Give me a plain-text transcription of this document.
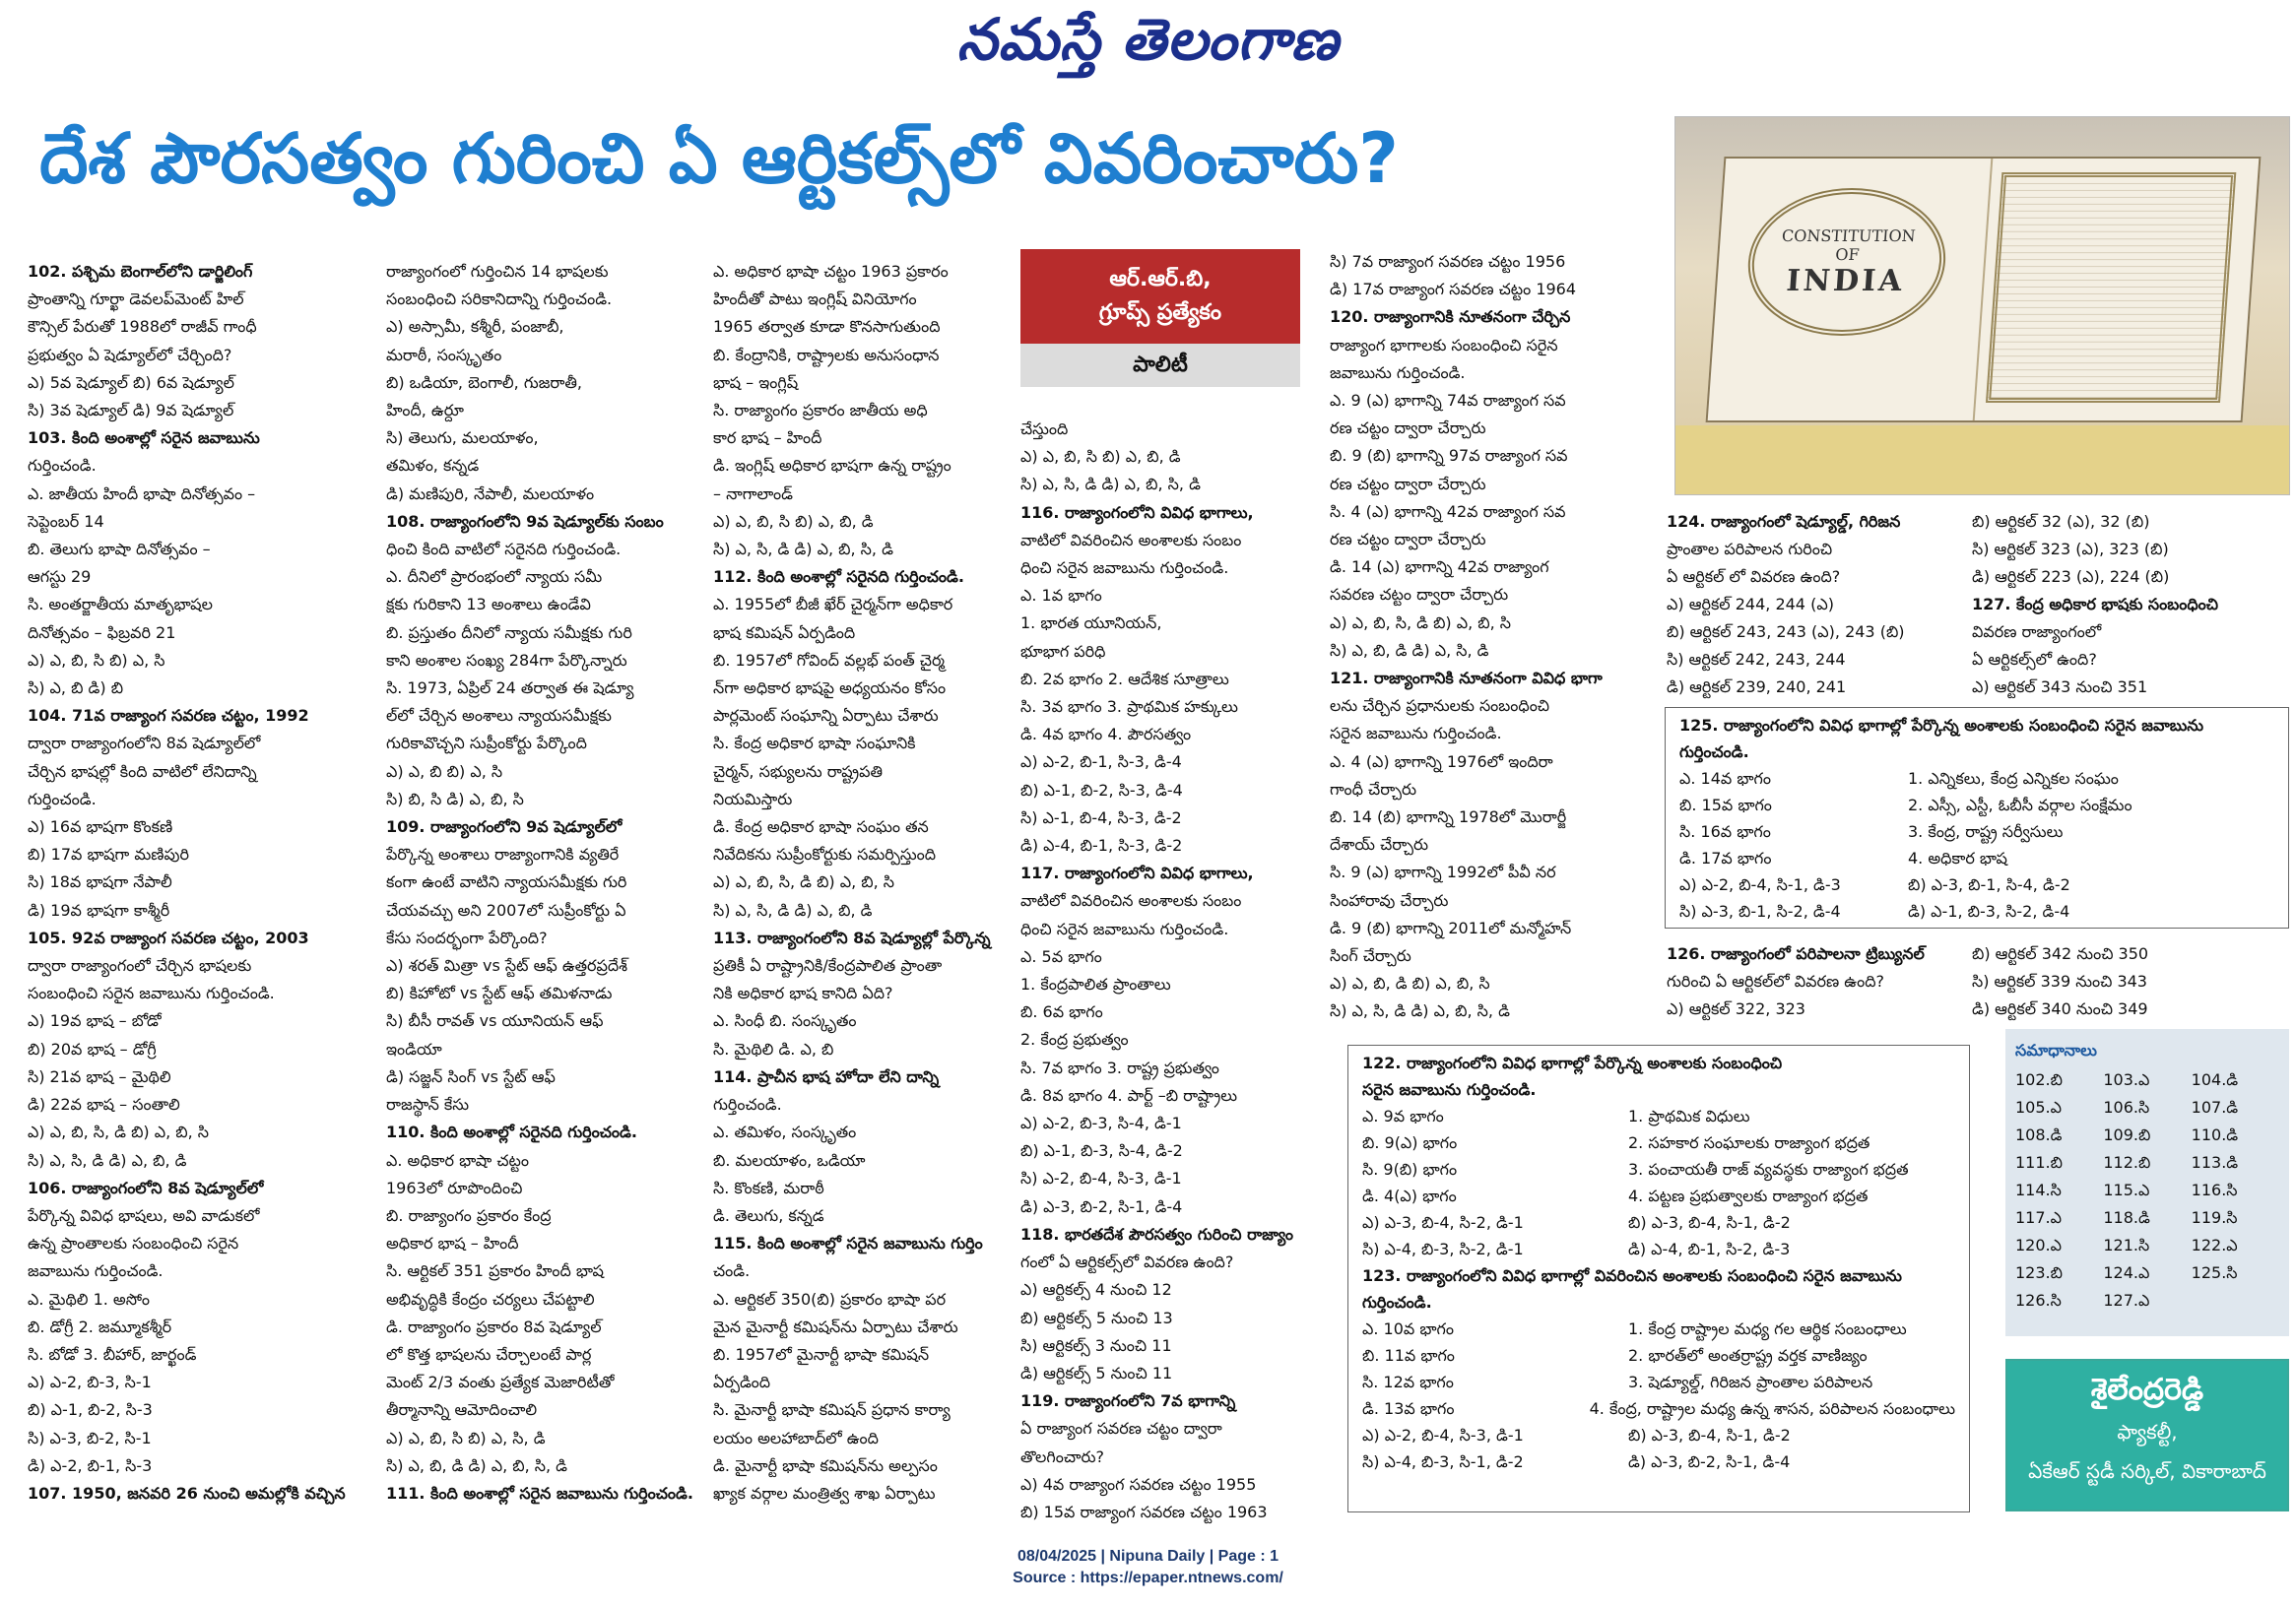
నమస్తే తెలంగాణ
దేశ పౌరసత్వం గురించి ఏ ఆర్టికల్స్‌లో వివరించారు?
CONSTITUTION
OF
INDIA
ఆర్.ఆర్.బి,
గ్రూప్స్ ప్రత్యేకం
పాలిటీ

102. పశ్చిమ బెంగాల్‌లోని డార్జిలింగ్

ప్రాంతాన్ని గూర్ఖా డెవలప్‌మెంట్ హిల్

కౌన్సిల్ పేరుతో 1988లో రాజీవ్ గాంధీ

ప్రభుత్వం ఏ షెడ్యూల్‌లో చేర్చింది?

ఎ) 5వ షెడ్యూల్ బి) 6వ షెడ్యూల్

సి) 3వ షెడ్యూల్ డి) 9వ షెడ్యూల్

103. కింది అంశాల్లో సరైన జవాబును

గుర్తించండి.

ఎ. జాతీయ హిందీ భాషా దినోత్సవం –

సెప్టెంబర్ 14

బి. తెలుగు భాషా దినోత్సవం –

ఆగస్టు 29

సి. అంతర్జాతీయ మాతృభాషల

దినోత్సవం – ఫిబ్రవరి 21

ఎ) ఎ, బి, సి బి) ఎ, సి

సి) ఎ, బి డి) బి

104. 71వ రాజ్యాంగ సవరణ చట్టం, 1992

ద్వారా రాజ్యాంగంలోని 8వ షెడ్యూల్‌లో

చేర్చిన భాషల్లో కింది వాటిలో లేనిదాన్ని

గుర్తించండి.

ఎ) 16వ భాషగా కొంకణి

బి) 17వ భాషగా మణిపురి

సి) 18వ భాషగా నేపాలీ

డి) 19వ భాషగా కాశ్మీరీ

105. 92వ రాజ్యాంగ సవరణ చట్టం, 2003

ద్వారా రాజ్యాంగంలో చేర్చిన భాషలకు

సంబంధించి సరైన జవాబును గుర్తించండి.

ఎ) 19వ భాష – బోడో

బి) 20వ భాష – డోగ్రీ

సి) 21వ భాష – మైథిలి

డి) 22వ భాష – సంతాలి

ఎ) ఎ, బి, సి, డి బి) ఎ, బి, సి

సి) ఎ, సి, డి డి) ఎ, బి, డి

106. రాజ్యాంగంలోని 8వ షెడ్యూల్‌లో

పేర్కొన్న వివిధ భాషలు, అవి వాడుకలో

ఉన్న ప్రాంతాలకు సంబంధించి సరైన

జవాబును గుర్తించండి.

ఎ. మైథిలి 1. అసోం

బి. డోగ్రీ 2. జమ్మూకశ్మీర్

సి. బోడో 3. బీహార్, జార్ఖండ్

ఎ) ఎ-2, బి-3, సి-1

బి) ఎ-1, బి-2, సి-3

సి) ఎ-3, బి-2, సి-1

డి) ఎ-2, బి-1, సి-3

107. 1950, జనవరి 26 నుంచి అమల్లోకి వచ్చిన

రాజ్యాంగంలో గుర్తించిన 14 భాషలకు

సంబంధించి సరికానిదాన్ని గుర్తించండి.

ఎ) అస్సామీ, కశ్మీరీ, పంజాబీ,

మరాఠీ, సంస్కృతం

బి) ఒడియా, బెంగాలీ, గుజరాతీ,

హిందీ, ఉర్దూ

సి) తెలుగు, మలయాళం,

తమిళం, కన్నడ

డి) మణిపురి, నేపాలీ, మలయాళం

108. రాజ్యాంగంలోని 9వ షెడ్యూల్‌కు సంబం

ధించి కింది వాటిలో సరైనది గుర్తించండి.

ఎ. దీనిలో ప్రారంభంలో న్యాయ సమీ

క్షకు గురికాని 13 అంశాలు ఉండేవి

బి. ప్రస్తుతం దీనిలో న్యాయ సమీక్షకు గురి

కాని అంశాల సంఖ్య 284గా పేర్కొన్నారు

సి. 1973, ఏప్రిల్ 24 తర్వాత ఈ షెడ్యూ

ల్‌లో చేర్చిన అంశాలు న్యాయసమీక్షకు

గురికావొచ్చని సుప్రీంకోర్టు పేర్కొంది

ఎ) ఎ, బి బి) ఎ, సి

సి) బి, సి డి) ఎ, బి, సి

109. రాజ్యాంగంలోని 9వ షెడ్యూల్‌లో

పేర్కొన్న అంశాలు రాజ్యాంగానికి వ్యతిరే

కంగా ఉంటే వాటిని న్యాయసమీక్షకు గురి

చేయవచ్చు అని 2007లో సుప్రీంకోర్టు ఏ

కేసు సందర్భంగా పేర్కొంది?

ఎ) శరత్ మిత్రా vs స్టేట్ ఆఫ్ ఉత్తరప్రదేశ్

బి) కిహోటో vs స్టేట్ ఆఫ్ తమిళనాడు

సి) బీసీ రావత్ vs యూనియన్ ఆఫ్

ఇండియా

డి) సజ్జన్ సింగ్ vs స్టేట్ ఆఫ్

రాజస్థాన్ కేసు

110. కింది అంశాల్లో సరైనది గుర్తించండి.

ఎ. అధికార భాషా చట్టం

1963లో రూపొందించి

బి. రాజ్యాంగం ప్రకారం కేంద్ర

అధికార భాష – హిందీ

సి. ఆర్టికల్ 351 ప్రకారం హిందీ భాష

అభివృద్ధికి కేంద్రం చర్యలు చేపట్టాలి

డి. రాజ్యాంగం ప్రకారం 8వ షెడ్యూల్

లో కొత్త భాషలను చేర్చాలంటే పార్ల

మెంట్ 2/3 వంతు ప్రత్యేక మెజారిటీతో

తీర్మానాన్ని ఆమోదించాలి

ఎ) ఎ, బి, సి బి) ఎ, సి, డి

సి) ఎ, బి, డి డి) ఎ, బి, సి, డి

111. కింది అంశాల్లో సరైన జవాబును గుర్తించండి.

ఎ. అధికార భాషా చట్టం 1963 ప్రకారం

హిందీతో పాటు ఇంగ్లిష్ వినియోగం

1965 తర్వాత కూడా కొనసాగుతుంది

బి. కేంద్రానికి, రాష్ట్రాలకు అనుసంధాన

భాష – ఇంగ్లిష్

సి. రాజ్యాంగం ప్రకారం జాతీయ అధి

కార భాష – హిందీ

డి. ఇంగ్లిష్ అధికార భాషగా ఉన్న రాష్ట్రం

– నాగాలాండ్

ఎ) ఎ, బి, సి బి) ఎ, బి, డి

సి) ఎ, సి, డి డి) ఎ, బి, సి, డి

112. కింది అంశాల్లో సరైనది గుర్తించండి.

ఎ. 1955లో బీజీ ఖేర్ చైర్మన్‌గా అధికార

భాష కమిషన్ ఏర్పడింది

బి. 1957లో గోవింద్ వల్లభ్ పంత్ చైర్మ

న్‌గా అధికార భాషపై అధ్యయనం కోసం

పార్లమెంట్ సంఘాన్ని ఏర్పాటు చేశారు

సి. కేంద్ర అధికార భాషా సంఘానికి

చైర్మన్, సభ్యులను రాష్ట్రపతి

నియమిస్తారు

డి. కేంద్ర అధికార భాషా సంఘం తన

నివేదికను సుప్రీంకోర్టుకు సమర్పిస్తుంది

ఎ) ఎ, బి, సి, డి బి) ఎ, బి, సి

సి) ఎ, సి, డి డి) ఎ, బి, డి

113. రాజ్యాంగంలోని 8వ షెడ్యూల్లో పేర్కొన్న

ప్రతికీ ఏ రాష్ట్రానికి/కేంద్రపాలిత ప్రాంతా

నికి అధికార భాష కానిది ఏది?

ఎ. సింధీ బి. సంస్కృతం

సి. మైథిలి డి. ఎ, బి

114. ప్రాచీన భాష హోదా లేని దాన్ని

గుర్తించండి.

ఎ. తమిళం, సంస్కృతం

బి. మలయాళం, ఒడియా

సి. కొంకణి, మరాఠీ

డి. తెలుగు, కన్నడ

115. కింది అంశాల్లో సరైన జవాబును గుర్తిం

చండి.

ఎ. ఆర్టికల్ 350(బి) ప్రకారం భాషా పర

మైన మైనార్టీ కమిషన్‌ను ఏర్పాటు చేశారు

బి. 1957లో మైనార్టీ భాషా కమిషన్

ఏర్పడింది

సి. మైనార్టీ భాషా కమిషన్ ప్రధాన కార్యా

లయం అలహాబాద్‌లో ఉంది

డి. మైనార్టీ భాషా కమిషన్‌ను అల్పసం

ఖ్యాక వర్గాల మంత్రిత్వ శాఖ ఏర్పాటు

చేస్తుంది

ఎ) ఎ, బి, సి బి) ఎ, బి, డి

సి) ఎ, సి, డి డి) ఎ, బి, సి, డి

116. రాజ్యాంగంలోని వివిధ భాగాలు,

వాటిలో వివరించిన అంశాలకు సంబం

ధించి సరైన జవాబును గుర్తించండి.

ఎ. 1వ భాగం

1. భారత యూనియన్,

భూభాగ పరిధి

బి. 2వ భాగం 2. ఆదేశిక సూత్రాలు

సి. 3వ భాగం 3. ప్రాథమిక హక్కులు

డి. 4వ భాగం 4. పౌరసత్వం

ఎ) ఎ-2, బి-1, సి-3, డి-4

బి) ఎ-1, బి-2, సి-3, డి-4

సి) ఎ-1, బి-4, సి-3, డి-2

డి) ఎ-4, బి-1, సి-3, డి-2

117. రాజ్యాంగంలోని వివిధ భాగాలు,

వాటిలో వివరించిన అంశాలకు సంబం

ధించి సరైన జవాబును గుర్తించండి.

ఎ. 5వ భాగం

1. కేంద్రపాలిత ప్రాంతాలు

బి. 6వ భాగం

2. కేంద్ర ప్రభుత్వం

సి. 7వ భాగం 3. రాష్ట్ర ప్రభుత్వం

డి. 8వ భాగం 4. పార్ట్ –బి రాష్ట్రాలు

ఎ) ఎ-2, బి-3, సి-4, డి-1

బి) ఎ-1, బి-3, సి-4, డి-2

సి) ఎ-2, బి-4, సి-3, డి-1

డి) ఎ-3, బి-2, సి-1, డి-4

118. భారతదేశ పౌరసత్వం గురించి రాజ్యాం

గంలో ఏ ఆర్టికల్స్‌లో వివరణ ఉంది?

ఎ) ఆర్టికల్స్ 4 నుంచి 12

బి) ఆర్టికల్స్ 5 నుంచి 13

సి) ఆర్టికల్స్ 3 నుంచి 11

డి) ఆర్టికల్స్ 5 నుంచి 11

119. రాజ్యాంగంలోని 7వ భాగాన్ని

ఏ రాజ్యాంగ సవరణ చట్టం ద్వారా

తొలగించారు?

ఎ) 4వ రాజ్యాంగ సవరణ చట్టం 1955

బి) 15వ రాజ్యాంగ సవరణ చట్టం 1963

సి) 7వ రాజ్యాంగ సవరణ చట్టం 1956

డి) 17వ రాజ్యాంగ సవరణ చట్టం 1964

120. రాజ్యాంగానికి నూతనంగా చేర్చిన

రాజ్యాంగ భాగాలకు సంబంధించి సరైన

జవాబును గుర్తించండి.

ఎ. 9 (ఎ) భాగాన్ని 74వ రాజ్యాంగ సవ

రణ చట్టం ద్వారా చేర్చారు

బి. 9 (బి) భాగాన్ని 97వ రాజ్యాంగ సవ

రణ చట్టం ద్వారా చేర్చారు

సి. 4 (ఎ) భాగాన్ని 42వ రాజ్యాంగ సవ

రణ చట్టం ద్వారా చేర్చారు

డి. 14 (ఎ) భాగాన్ని 42వ రాజ్యాంగ

సవరణ చట్టం ద్వారా చేర్చారు

ఎ) ఎ, బి, సి, డి బి) ఎ, బి, సి

సి) ఎ, బి, డి డి) ఎ, సి, డి

121. రాజ్యాంగానికి నూతనంగా వివిధ భాగా

లను చేర్చిన ప్రధానులకు సంబంధించి

సరైన జవాబును గుర్తించండి.

ఎ. 4 (ఎ) భాగాన్ని 1976లో ఇందిరా

గాంధీ చేర్చారు

బి. 14 (బి) భాగాన్ని 1978లో మొరార్జీ

దేశాయ్ చేర్చారు

సి. 9 (ఎ) భాగాన్ని 1992లో పీవీ నర

సింహారావు చేర్చారు

డి. 9 (బి) భాగాన్ని 2011లో మన్మోహన్

సింగ్ చేర్చారు

ఎ) ఎ, బి, డి బి) ఎ, బి, సి

సి) ఎ, సి, డి డి) ఎ, బి, సి, డి

124. రాజ్యాంగంలో షెడ్యూల్డ్, గిరిజన

ప్రాంతాల పరిపాలన గురించి

ఏ ఆర్టికల్ లో వివరణ ఉంది?

ఎ) ఆర్టికల్ 244, 244 (ఎ)

బి) ఆర్టికల్ 243, 243 (ఎ), 243 (బి)

సి) ఆర్టికల్ 242, 243, 244

డి) ఆర్టికల్ 239, 240, 241

బి) ఆర్టికల్ 32 (ఎ), 32 (బి)

సి) ఆర్టికల్ 323 (ఎ), 323 (బి)

డి) ఆర్టికల్ 223 (ఎ), 224 (బి)

127. కేంద్ర అధికార భాషకు సంబంధించి

వివరణ రాజ్యాంగంలో

ఏ ఆర్టికల్స్‌లో ఉంది?

ఎ) ఆర్టికల్ 343 నుంచి 351

125. రాజ్యాంగంలోని వివిధ భాగాల్లో పేర్కొన్న అంశాలకు సంబంధించి సరైన జవాబును

గుర్తించండి.

ఎ. 14వ భాగం	1. ఎన్నికలు, కేంద్ర ఎన్నికల సంఘం

బి. 15వ భాగం	2. ఎస్సీ, ఎస్టీ, ఓబీసీ వర్గాల సంక్షేమం

సి. 16వ భాగం	3. కేంద్ర, రాష్ట్ర సర్వీసులు

డి. 17వ భాగం	4. అధికార భాష

ఎ) ఎ-2, బి-4, సి-1, డి-3	బి) ఎ-3, బి-1, సి-4, డి-2

సి) ఎ-3, బి-1, సి-2, డి-4	డి) ఎ-1, బి-3, సి-2, డి-4

126. రాజ్యాంగంలో పరిపాలనా ట్రిబ్యునల్

గురించి ఏ ఆర్టికల్‌లో వివరణ ఉంది?

ఎ) ఆర్టికల్ 322, 323

బి) ఆర్టికల్ 342 నుంచి 350

సి) ఆర్టికల్ 339 నుంచి 343

డి) ఆర్టికల్ 340 నుంచి 349

122. రాజ్యాంగంలోని వివిధ భాగాల్లో పేర్కొన్న అంశాలకు సంబంధించి

సరైన జవాబును గుర్తించండి.

ఎ. 9వ భాగం	1. ప్రాథమిక విధులు

బి. 9(ఎ) భాగం	2. సహకార సంఘాలకు రాజ్యాంగ భద్రత

సి. 9(బి) భాగం	3. పంచాయతీ రాజ్ వ్యవస్థకు రాజ్యాంగ భద్రత

డి. 4(ఎ) భాగం	4. పట్టణ ప్రభుత్వాలకు రాజ్యాంగ భద్రత

ఎ) ఎ-3, బి-4, సి-2, డి-1	బి) ఎ-3, బి-4, సి-1, డి-2

సి) ఎ-4, బి-3, సి-2, డి-1	డి) ఎ-4, బి-1, సి-2, డి-3

123. రాజ్యాంగంలోని వివిధ భాగాల్లో వివరించిన అంశాలకు సంబంధించి సరైన జవాబును

గుర్తించండి.

ఎ. 10వ భాగం	1. కేంద్ర రాష్ట్రాల మధ్య గల ఆర్థిక సంబంధాలు

బి. 11వ భాగం	2. భారత్‌లో అంతర్రాష్ట్ర వర్తక వాణిజ్యం

సి. 12వ భాగం	3. షెడ్యూల్డ్, గిరిజన ప్రాంతాల పరిపాలన

డి. 13వ భాగం	4. కేంద్ర, రాష్ట్రాల మధ్య ఉన్న శాసన, పరిపాలన సంబంధాలు

ఎ) ఎ-2, బి-4, సి-3, డి-1	బి) ఎ-3, బి-4, సి-1, డి-2

సి) ఎ-4, బి-3, సి-1, డి-2	డి) ఎ-3, బి-2, సి-1, డి-4

సమాధానాలు
102.బి	103.ఎ	104.డి
105.ఎ	106.సి	107.డి
108.డి	109.బి	110.డి
111.బి	112.బి	113.డి
114.సి	115.ఎ	116.సి
117.ఎ	118.డి	119.సి
120.ఎ	121.సి	122.ఎ
123.బి	124.ఎ	125.సి
126.సి	127.ఎ
శైలేంద్రరెడ్డి
ఫ్యాకల్టీ,
ఏకేఆర్ స్టడీ సర్కిల్, వికారాబాద్
08/04/2025 | Nipuna Daily | Page : 1
Source : https://epaper.ntnews.com/
